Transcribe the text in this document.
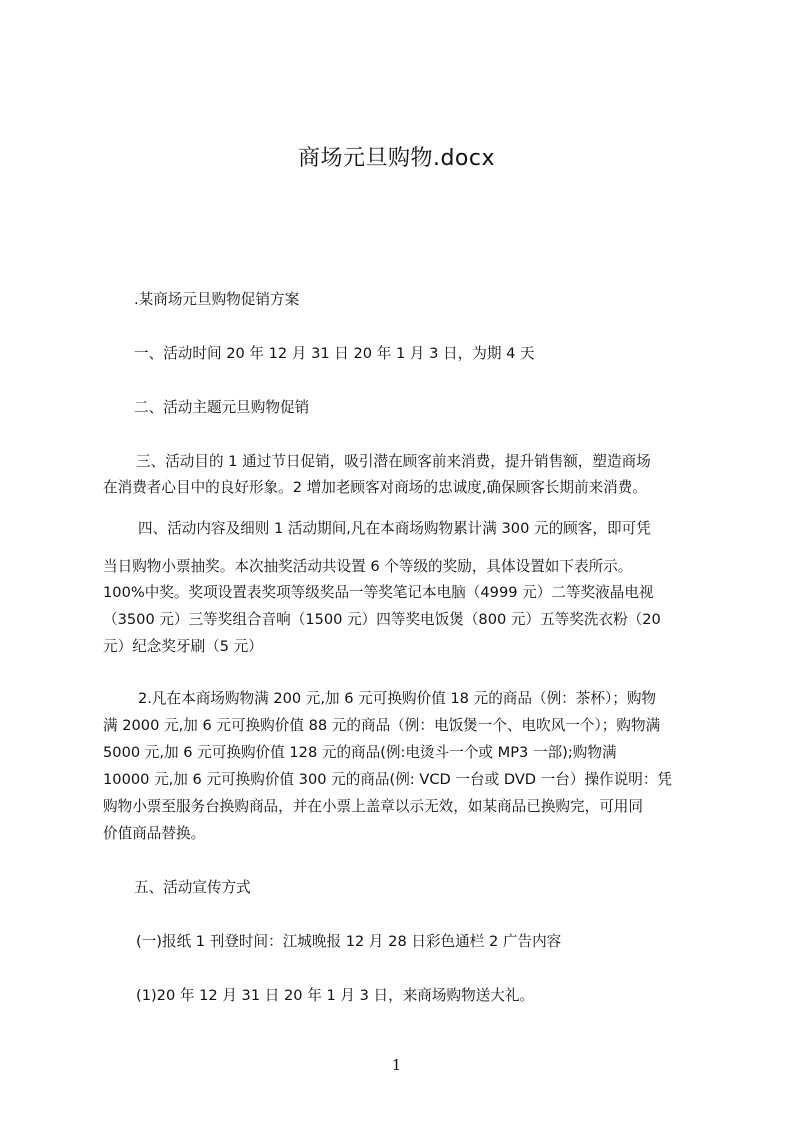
商场元旦购物.docx
.某商场元旦购物促销方案
一、活动时间 20 年 12 月 31 日 20 年 1 月 3 日，为期 4 天
二、活动主题元旦购物促销
三、活动目的 1 通过节日促销，吸引潜在顾客前来消费，提升销售额，塑造商场
在消费者心目中的良好形象。2 增加老顾客对商场的忠诚度,确保顾客长期前来消费。
四、活动内容及细则 1 活动期间,凡在本商场购物累计满 300 元的顾客，即可凭
当日购物小票抽奖。本次抽奖活动共设置 6 个等级的奖励，具体设置如下表所示。
100%中奖。奖项设置表奖项等级奖品一等奖笔记本电脑（4999 元）二等奖液晶电视
（3500 元）三等奖组合音响（1500 元）四等奖电饭煲（800 元）五等奖洗衣粉（20
元）纪念奖牙刷（5 元）
2.凡在本商场购物满 200 元,加 6 元可换购价值 18 元的商品（例：茶杯）；购物
满 2000 元,加 6 元可换购价值 88 元的商品（例：电饭煲一个、电吹风一个）；购物满
5000 元,加 6 元可换购价值 128 元的商品(例:电烫斗一个或 MP3 一部);购物满
10000 元,加 6 元可换购价值 300 元的商品(例: VCD 一台或 DVD 一台）操作说明：凭
购物小票至服务台换购商品，并在小票上盖章以示无效，如某商品已换购完，可用同
价值商品替换。
五、活动宣传方式
(一)报纸 1 刊登时间：江城晚报 12 月 28 日彩色通栏 2 广告内容
(1)20 年 12 月 31 日 20 年 1 月 3 日，来商场购物送大礼。
1
